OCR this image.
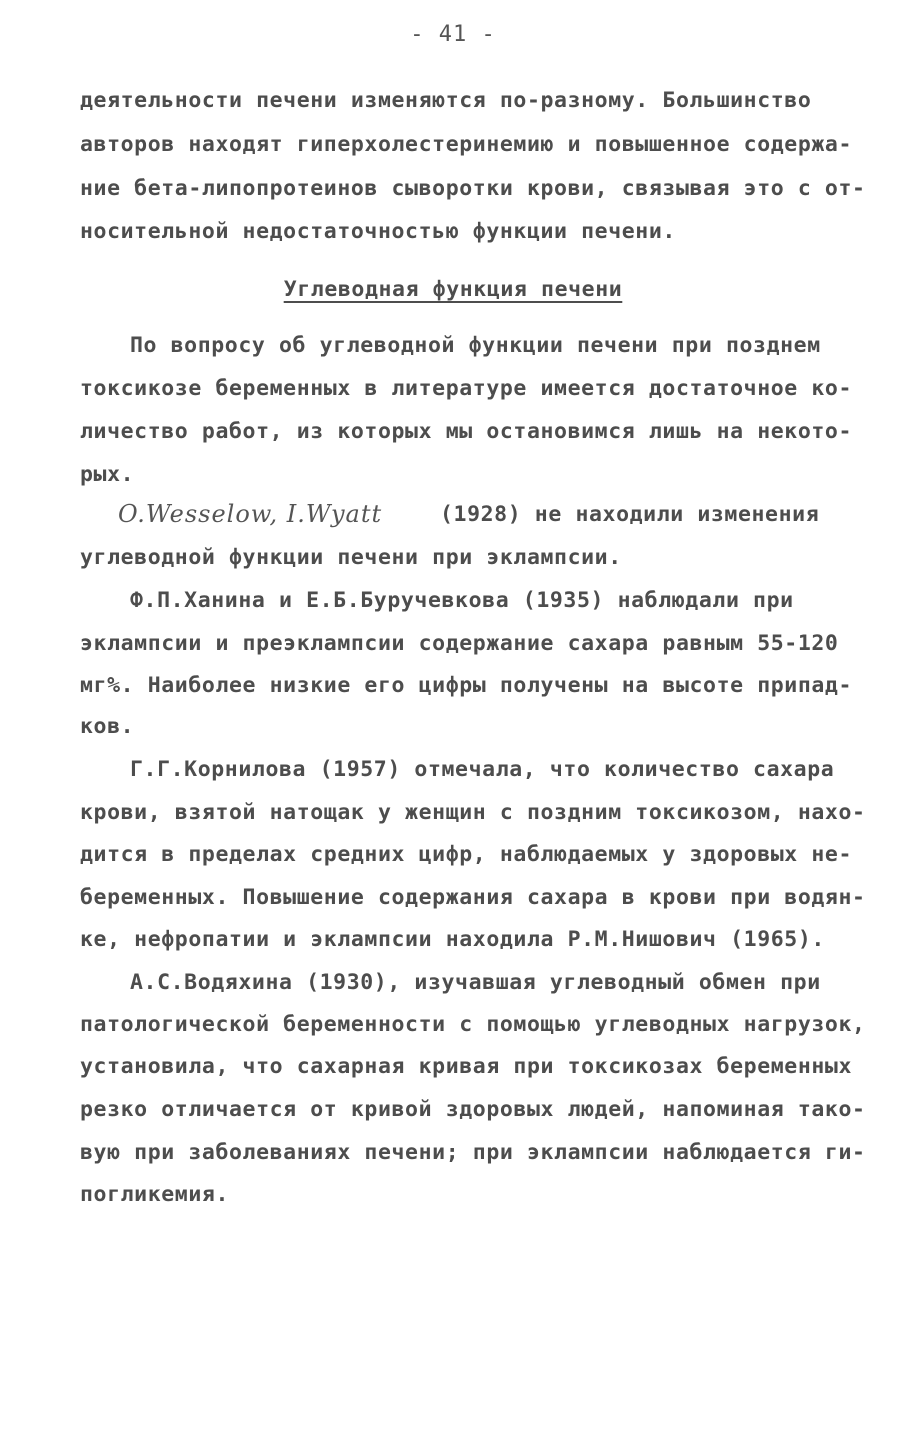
- 41 -
деятельности печени изменяются по-разному. Большинство
авторов находят гиперхолестеринемию и повышенное содержа-
ние бета-липопротеинов сыворотки крови, связывая это с от-
носительной недостаточностью функции печени.
Углеводная функция печени
По вопросу об углеводной функции печени при позднем
токсикозе беременных в литературе имеется достаточное ко-
личество работ, из которых мы остановимся лишь на некото-
рых.
O.Wesselow, I.Wyatt	(1928) не находили изменения
углеводной функции печени при эклампсии.
Ф.П.Ханина и Е.Б.Буручевкова (1935) наблюдали при
эклампсии и преэклампсии содержание сахара равным 55-120
мг%. Наиболее низкие его цифры получены на высоте припад-
ков.
Г.Г.Корнилова (1957) отмечала, что количество сахара
крови, взятой натощак у женщин с поздним токсикозом, нахо-
дится в пределах средних цифр, наблюдаемых у здоровых не-
беременных. Повышение содержания сахара в крови при водян-
ке, нефропатии и эклампсии находила Р.М.Нишович (1965).
А.С.Водяхина (1930), изучавшая углеводный обмен при
патологической беременности с помощью углеводных нагрузок,
установила, что сахарная кривая при токсикозах беременных
резко отличается от кривой здоровых людей, напоминая тако-
вую при заболеваниях печени; при эклампсии наблюдается ги-
погликемия.
